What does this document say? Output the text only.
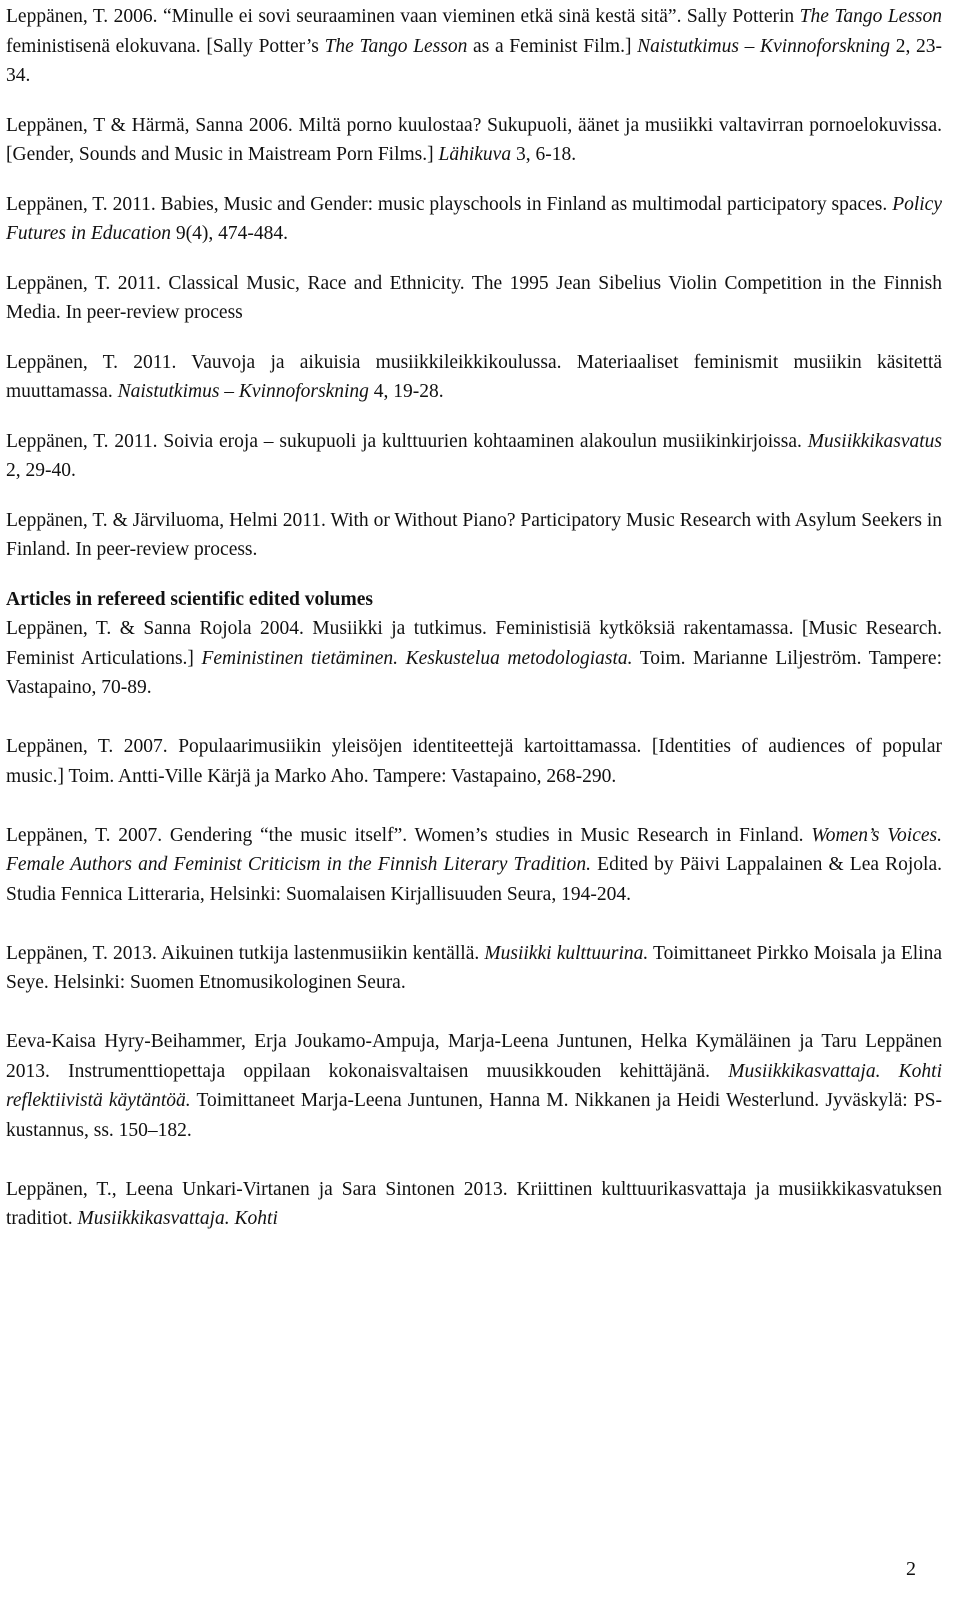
Leppänen, T. 2006. “Minulle ei sovi seuraaminen vaan vieminen etkä sinä kestä sitä”. Sally Potterin The Tango Lesson feministisenä elokuvana. [Sally Potter’s The Tango Lesson as a Feminist Film.] Naistutkimus – Kvinnoforskning 2, 23-34.

Leppänen, T & Härmä, Sanna 2006. Miltä porno kuulostaa? Sukupuoli, äänet ja musiikki valtavirran pornoelokuvissa. [Gender, Sounds and Music in Maistream Porn Films.] Lähikuva 3, 6-18.

Leppänen, T. 2011. Babies, Music and Gender: music playschools in Finland as multimodal participatory spaces. Policy Futures in Education 9(4), 474-484.

Leppänen, T. 2011. Classical Music, Race and Ethnicity. The 1995 Jean Sibelius Violin Competition in the Finnish Media. In peer-review process

Leppänen, T. 2011. Vauvoja ja aikuisia musiikkileikkikoulussa. Materiaaliset feminismit musiikin käsitettä muuttamassa. Naistutkimus – Kvinnoforskning 4, 19-28.

Leppänen, T. 2011. Soivia eroja – sukupuoli ja kulttuurien kohtaaminen alakoulun musiikinkirjoissa. Musiikkikasvatus 2, 29-40.

Leppänen, T. & Järviluoma, Helmi 2011. With or Without Piano? Participatory Music Research with Asylum Seekers in Finland. In peer-review process.

Articles in refereed scientific edited volumes

Leppänen, T. & Sanna Rojola 2004. Musiikki ja tutkimus. Feministisiä kytköksiä rakentamassa. [Music Research. Feminist Articulations.] Feministinen tietäminen. Keskustelua metodologiasta. Toim. Marianne Liljeström. Tampere: Vastapaino, 70-89.

Leppänen, T. 2007. Populaarimusiikin yleisöjen identiteettejä kartoittamassa. [Identities of audiences of popular music.] Toim. Antti-Ville Kärjä ja Marko Aho. Tampere: Vastapaino, 268-290.

Leppänen, T. 2007. Gendering “the music itself”. Women’s studies in Music Research in Finland. Women’s Voices. Female Authors and Feminist Criticism in the Finnish Literary Tradition. Edited by Päivi Lappalainen & Lea Rojola. Studia Fennica Litteraria, Helsinki: Suomalaisen Kirjallisuuden Seura, 194-204.

Leppänen, T. 2013. Aikuinen tutkija lastenmusiikin kentällä. Musiikki kulttuurina. Toimittaneet Pirkko Moisala ja Elina Seye. Helsinki: Suomen Etnomusikologinen Seura.

Eeva-Kaisa Hyry-Beihammer, Erja Joukamo-Ampuja, Marja-Leena Juntunen, Helka Kymäläinen ja Taru Leppänen 2013. Instrumenttiopettaja oppilaan kokonaisvaltaisen muusikkouden kehittäjänä. Musiikkikasvattaja. Kohti reflektiivistä käytäntöä. Toimittaneet Marja-Leena Juntunen, Hanna M. Nikkanen ja Heidi Westerlund. Jyväskylä: PS-kustannus, ss. 150–182.

Leppänen, T., Leena Unkari-Virtanen ja Sara Sintonen 2013. Kriittinen kulttuurikasvattaja ja musiikkikasvatuksen traditiot. Musiikkikasvattaja. Kohti

2
